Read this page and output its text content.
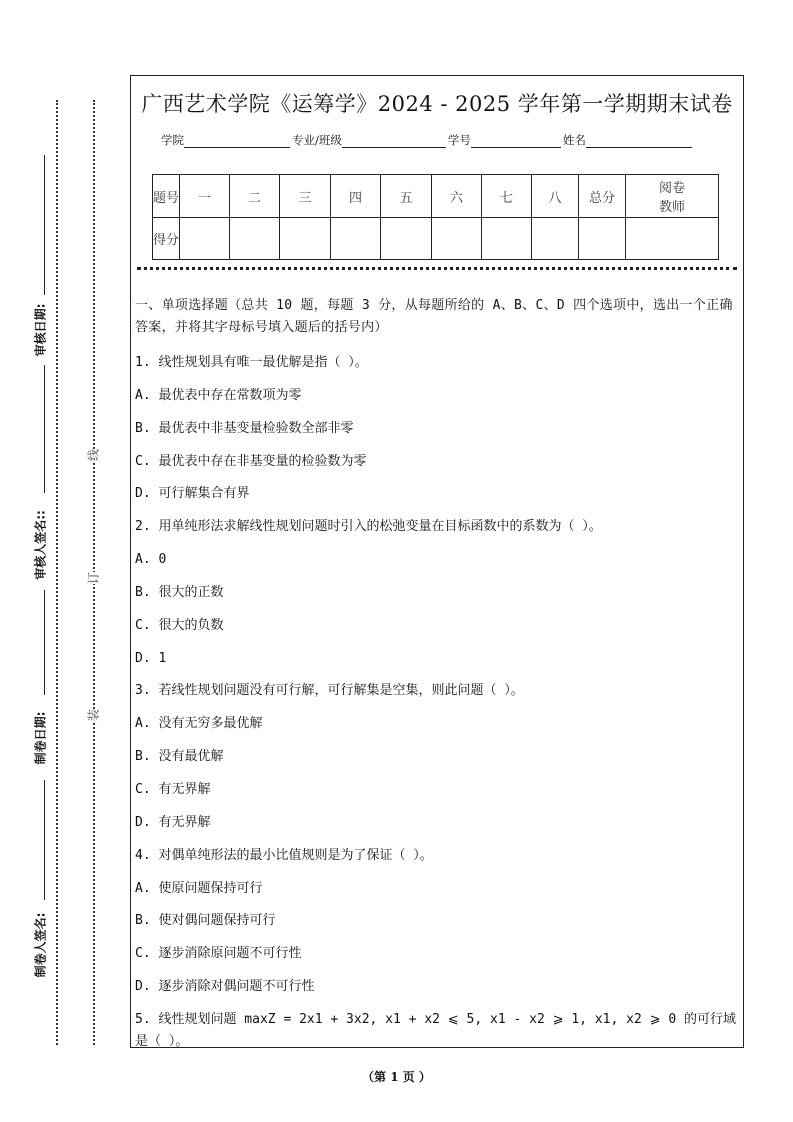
审核日期:
审核人签名::
制卷日期:
制卷人签名:
线
订
装
广西艺术学院《运筹学》2024 - 2025 学年第一学期期末试卷
学院	专业/班级	学号	姓名
题号	一	二	三	四	五	六	七	八	总分	阅卷教师
得分										
一、单项选择题（总共 10 题，每题 3 分，从每题所给的 A、B、C、D 四个选项中，选出一个正确答案，并将其字母标号填入题后的括号内）
1. 线性规划具有唯一最优解是指（ ）。
A. 最优表中存在常数项为零
B. 最优表中非基变量检验数全部非零
C. 最优表中存在非基变量的检验数为零
D. 可行解集合有界
2. 用单纯形法求解线性规划问题时引入的松弛变量在目标函数中的系数为（ ）。
A. 0
B. 很大的正数
C. 很大的负数
D. 1
3. 若线性规划问题没有可行解，可行解集是空集，则此问题（ ）。
A. 没有无穷多最优解
B. 没有最优解
C. 有无界解
D. 有无界解
4. 对偶单纯形法的最小比值规则是为了保证（ ）。
A. 使原问题保持可行
B. 使对偶问题保持可行
C. 逐步消除原问题不可行性
D. 逐步消除对偶问题不可行性
5. 线性规划问题 maxZ = 2x1 + 3x2, x1 + x2 ⩽ 5, x1 - x2 ⩾ 1, x1, x2 ⩾ 0 的可行域是（ ）。
（第 1 页 ）
